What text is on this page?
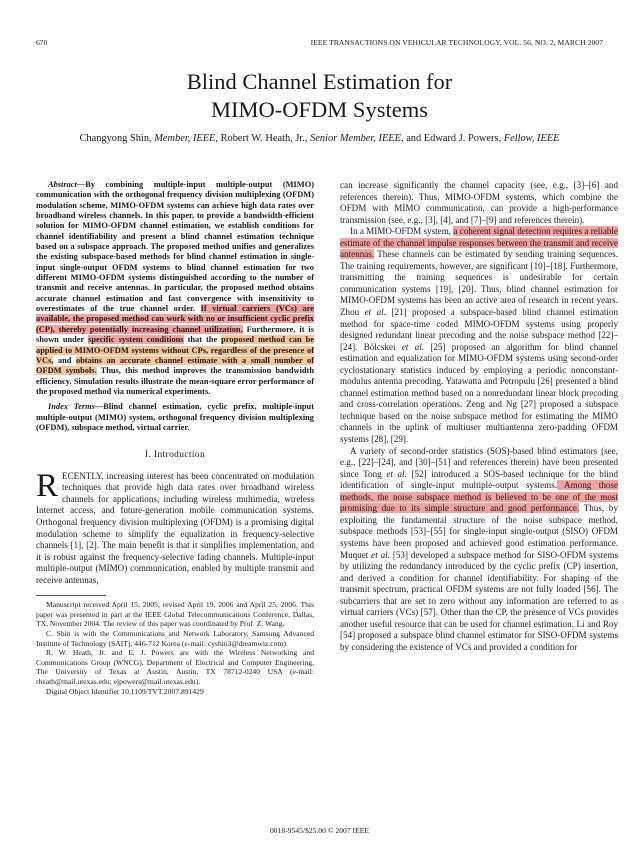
670	IEEE TRANSACTIONS ON VEHICULAR TECHNOLOGY, VOL. 56, NO. 2, MARCH 2007
Blind Channel Estimation for
MIMO-OFDM Systems
Changyong Shin, Member, IEEE, Robert W. Heath, Jr., Senior Member, IEEE, and Edward J. Powers, Fellow, IEEE

Abstract—By combining multiple-input multiple-output (MIMO) communication with the orthogonal frequency division multiplexing (OFDM) modulation scheme, MIMO-OFDM systems can achieve high data rates over broadband wireless channels. In this paper, to provide a bandwidth-efficient solution for MIMO-OFDM channel estimation, we establish conditions for channel identifiability and present a blind channel estimation technique based on a subspace approach. The proposed method unifies and generalizes the existing subspace-based methods for blind channel estimation in single-input single-output OFDM systems to blind channel estimation for two different MIMO-OFDM systems distinguished according to the number of transmit and receive antennas. In particular, the proposed method obtains accurate channel estimation and fast convergence with insensitivity to overestimates of the true channel order. If virtual carriers (VCs) are available, the proposed method can work with no or insufficient cyclic prefix (CP), thereby potentially increasing channel utilization. Furthermore, it is shown under specific system conditions that the proposed method can be applied to MIMO-OFDM systems without CPs, regardless of the presence of VCs, and obtains an accurate channel estimate with a small number of OFDM symbols. Thus, this method improves the transmission bandwidth efficiency. Simulation results illustrate the mean-square error performance of the proposed method via numerical experiments.

Index Terms—Blind channel estimation, cyclic prefix, multiple-input multiple-output (MIMO) system, orthogonal frequency division multiplexing (OFDM), subspace method, virtual carrier.

I. Introduction

RECENTLY, increasing interest has been concentrated on modulation techniques that provide high data rates over broadband wireless channels for applications, including wireless multimedia, wireless Internet access, and future-generation mobile communication systems. Orthogonal frequency division multiplexing (OFDM) is a promising digital modulation scheme to simplify the equalization in frequency-selective channels [1], [2]. The main benefit is that it simplifies implementation, and it is robust against the frequency-selective fading channels. Multiple-input multiple-output (MIMO) communication, enabled by multiple transmit and receive antennas,

Manuscript received April 15, 2005; revised April 19, 2006 and April 25, 2006. This paper was presented in part at the IEEE Global Telecommunications Conference, Dallas, TX, November 2004. The review of this paper was coordinated by Prof. Z. Wang.

C. Shin is with the Communications and Network Laboratory, Samsung Advanced Institute of Technology (SAIT), 446-712 Korea (e-mail: cyshin3@dreamwiz.com).

R. W. Heath, Jr. and E. J. Powers are with the Wireless Networking and Communications Group (WNCG), Department of Electrical and Computer Engineering, The University of Texas at Austin, Austin, TX 78712-0240 USA (e-mail: rheath@mail.utexas.edu; ejpowers@mail.utexas.edu).

Digital Object Identifier 10.1109/TVT.2007.891429

can increase significantly the channel capacity (see, e.g., [3]–[6] and references therein). Thus, MIMO-OFDM systems, which combine the OFDM with MIMO communication, can provide a high-performance transmission (see, e.g., [3], [4], and [7]–[9] and references therein).

In a MIMO-OFDM system, a coherent signal detection requires a reliable estimate of the channel impulse responses between the transmit and receive antennas. These channels can be estimated by sending training sequences. The training requirements, however, are significant [10]–[18]. Furthermore, transmitting the training sequences is undesirable for certain communication systems [19], [20]. Thus, blind channel estimation for MIMO-OFDM systems has been an active area of research in recent years. Zhou et al. [21] proposed a subspace-based blind channel estimation method for space-time coded MIMO-OFDM systems using properly designed redundant linear precoding and the noise subspace method [22]–[24]. Bölcskei et al. [25] proposed an algorithm for blind channel estimation and equalization for MIMO-OFDM systems using second-order cyclostationary statistics induced by employing a periodic nonconstant-modulus antenna precoding. Yatawatta and Petropulu [26] presented a blind channel estimation method based on a nonredundant linear block precoding and cross-correlation operations. Zeng and Ng [27] proposed a subspace technique based on the noise subspace method for estimating the MIMO channels in the uplink of multiuser multiantenna zero-padding OFDM systems [28], [29].

A variety of second-order statistics (SOS)-based blind estimators (see, e.g., [22]–[24], and [30]–[51] and references therein) have been presented since Tong et al. [52] introduced a SOS-based technique for the blind identification of single-input multiple-output systems. Among those methods, the noise subspace method is believed to be one of the most promising due to its simple structure and good performance. Thus, by exploiting the fundamental structure of the noise subspace method, subspace methods [53]–[55] for single-input single-output (SISO) OFDM systems have been proposed and achieved good estimation performance. Muquet et al. [53] developed a subspace method for SISO-OFDM systems by utilizing the redundancy introduced by the cyclic prefix (CP) insertion, and derived a condition for channel identifiability. For shaping of the transmit spectrum, practical OFDM systems are not fully loaded [56]. The subcarriers that are set to zero without any information are referred to as virtual carriers (VCs) [57]. Other than the CP, the presence of VCs provides another useful resource that can be used for channel estimation. Li and Roy [54] proposed a subspace blind channel estimator for SISO-OFDM systems by considering the existence of VCs and provided a condition for

0018-9545/$25.00 © 2007 IEEE
